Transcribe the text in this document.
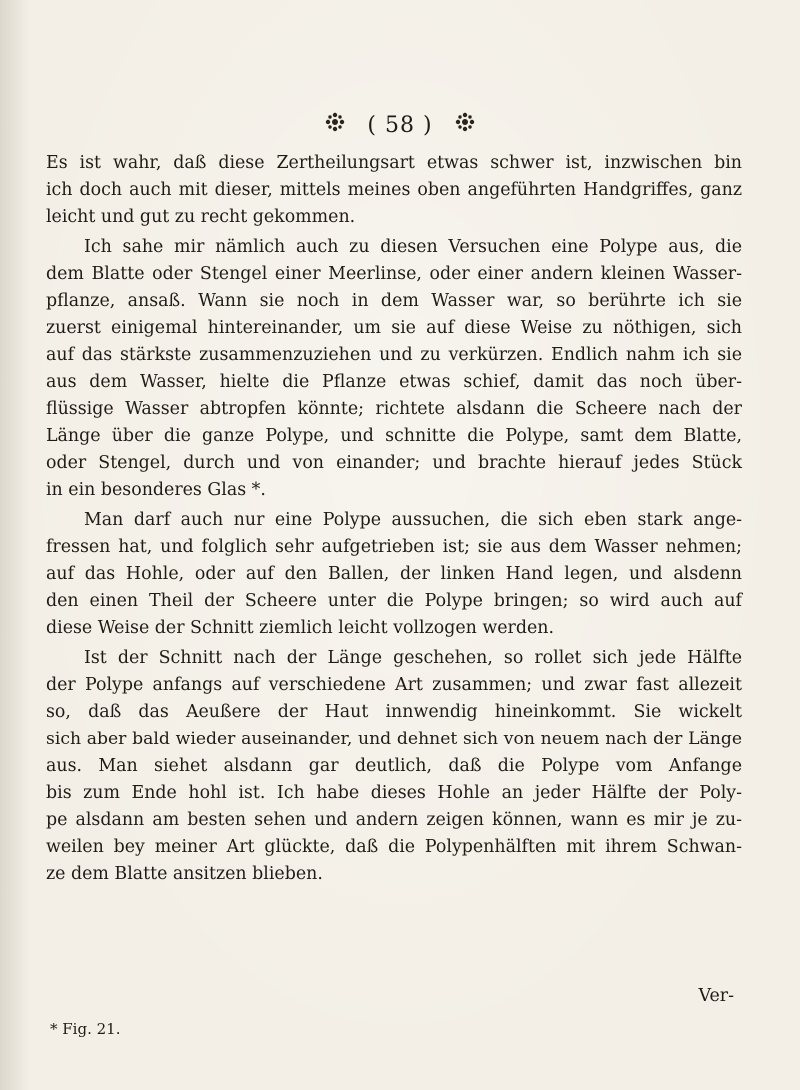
( 58 )
Es ist wahr, daß diese Zertheilungsart etwas schwer ist, inzwischen bin
ich doch auch mit dieser, mittels meines oben angeführten Handgriffes, ganz
leicht und gut zu recht gekommen.
Ich sahe mir nämlich auch zu diesen Versuchen eine Polype aus, die
dem Blatte oder Stengel einer Meerlinse, oder einer andern kleinen Wasser-
pflanze, ansaß. Wann sie noch in dem Wasser war, so berührte ich sie
zuerst einigemal hintereinander, um sie auf diese Weise zu nöthigen, sich
auf das stärkste zusammenzuziehen und zu verkürzen. Endlich nahm ich sie
aus dem Wasser, hielte die Pflanze etwas schief, damit das noch über-
flüssige Wasser abtropfen könnte; richtete alsdann die Scheere nach der
Länge über die ganze Polype, und schnitte die Polype, samt dem Blatte,
oder Stengel, durch und von einander; und brachte hierauf jedes Stück
in ein besonderes Glas *.
Man darf auch nur eine Polype aussuchen, die sich eben stark ange-
fressen hat, und folglich sehr aufgetrieben ist; sie aus dem Wasser nehmen;
auf das Hohle, oder auf den Ballen, der linken Hand legen, und alsdenn
den einen Theil der Scheere unter die Polype bringen; so wird auch auf
diese Weise der Schnitt ziemlich leicht vollzogen werden.
Ist der Schnitt nach der Länge geschehen, so rollet sich jede Hälfte
der Polype anfangs auf verschiedene Art zusammen; und zwar fast allezeit
so, daß das Aeußere der Haut innwendig hineinkommt. Sie wickelt
sich aber bald wieder auseinander, und dehnet sich von neuem nach der Länge
aus. Man siehet alsdann gar deutlich, daß die Polype vom Anfange
bis zum Ende hohl ist. Ich habe dieses Hohle an jeder Hälfte der Poly-
pe alsdann am besten sehen und andern zeigen können, wann es mir je zu-
weilen bey meiner Art glückte, daß die Polypenhälften mit ihrem Schwan-
ze dem Blatte ansitzen blieben.
Ver-
* Fig. 21.
